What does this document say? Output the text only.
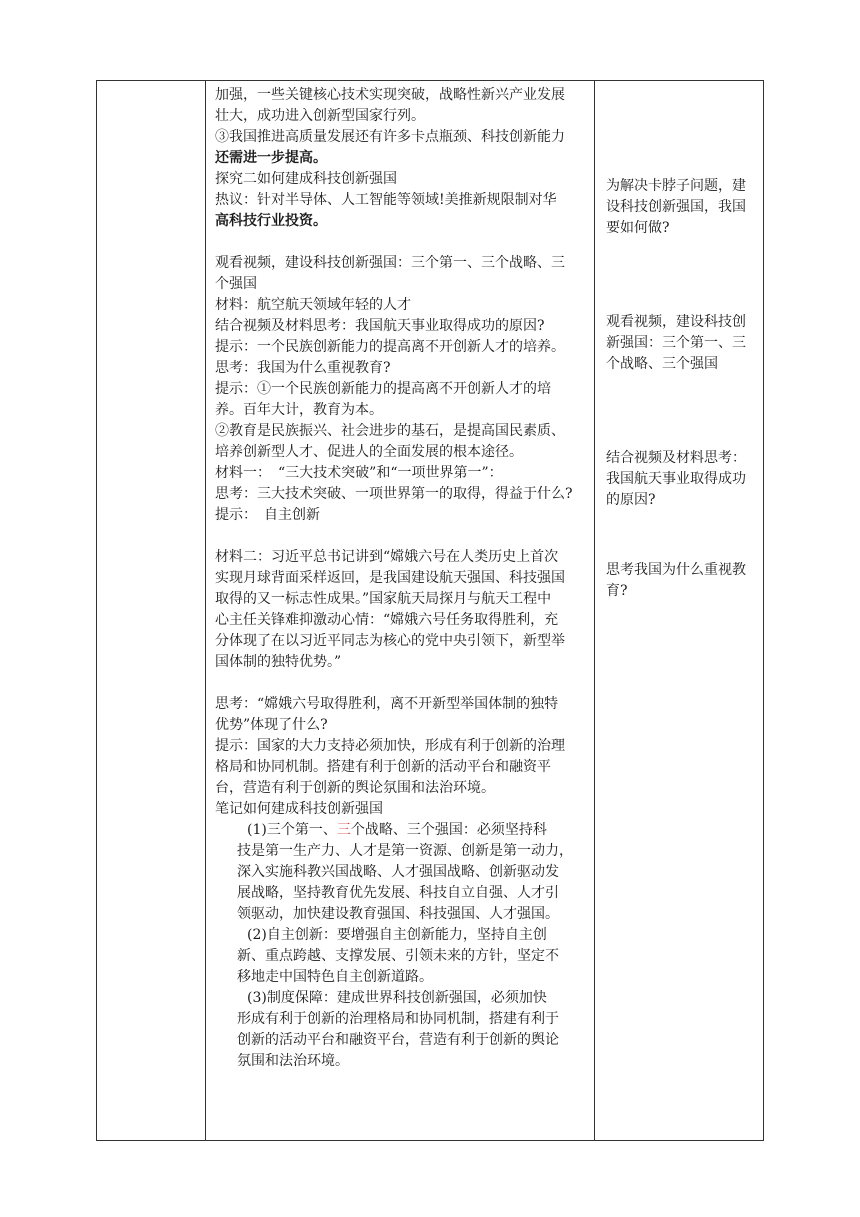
加强，一些关键核心技术实现突破，战略性新兴产业发展

壮大，成功进入创新型国家行列。

③我国推进高质量发展还有许多卡点瓶颈、科技创新能力

还需进一步提高。

探究二如何建成科技创新强国

热议：针对半导体、人工智能等领域!美推新规限制对华

高科技行业投资。

观看视频，建设科技创新强国：三个第一、三个战略、三

个强国

材料：航空航天领域年轻的人才

结合视频及材料思考：我国航天事业取得成功的原因?

提示：一个民族创新能力的提高离不开创新人才的培养。

思考：我国为什么重视教育?

提示：①一个民族创新能力的提高离不开创新人才的培

养。百年大计，教育为本。

②教育是民族振兴、社会进步的基石，是提高国民素质、

培养创新型人才、促进人的全面发展的根本途径。

材料一：　“三大技术突破”和“一项世界第一”：

思考：三大技术突破、一项世界第一的取得，得益于什么?

提示：　自主创新

材料二：习近平总书记讲到“嫦娥六号在人类历史上首次

实现月球背面采样返回，是我国建设航天强国、科技强国

取得的又一标志性成果。”国家航天局探月与航天工程中

心主任关锋难抑激动心情：“嫦娥六号任务取得胜利，充

分体现了在以习近平同志为核心的党中央引领下，新型举

国体制的独特优势。”

思考：“嫦娥六号取得胜利，离不开新型举国体制的独特

优势”体现了什么?

提示：国家的大力支持必须加快，形成有利于创新的治理

格局和协同机制。搭建有利于创新的活动平台和融资平

台，营造有利于创新的舆论氛围和法治环境。

笔记如何建成科技创新强国

(1)三个第一、三个战略、三个强国：必须坚持科

技是第一生产力、人才是第一资源、创新是第一动力，

深入实施科教兴国战略、人才强国战略、创新驱动发

展战略，坚持教育优先发展、科技自立自强、人才引

领驱动，加快建设教育强国、科技强国、人才强国。

(2)自主创新：要增强自主创新能力，坚持自主创

新、重点跨越、支撑发展、引领未来的方针，坚定不

移地走中国特色自主创新道路。

(3)制度保障：建成世界科技创新强国，必须加快

形成有利于创新的治理格局和协同机制，搭建有利于

创新的活动平台和融资平台，营造有利于创新的舆论

氛围和法治环境。

为解决卡脖子问题，建

设科技创新强国，我国

要如何做?

观看视频，建设科技创

新强国：三个第一、三

个战略、三个强国

结合视频及材料思考：

我国航天事业取得成功

的原因?

思考我国为什么重视教

育?
